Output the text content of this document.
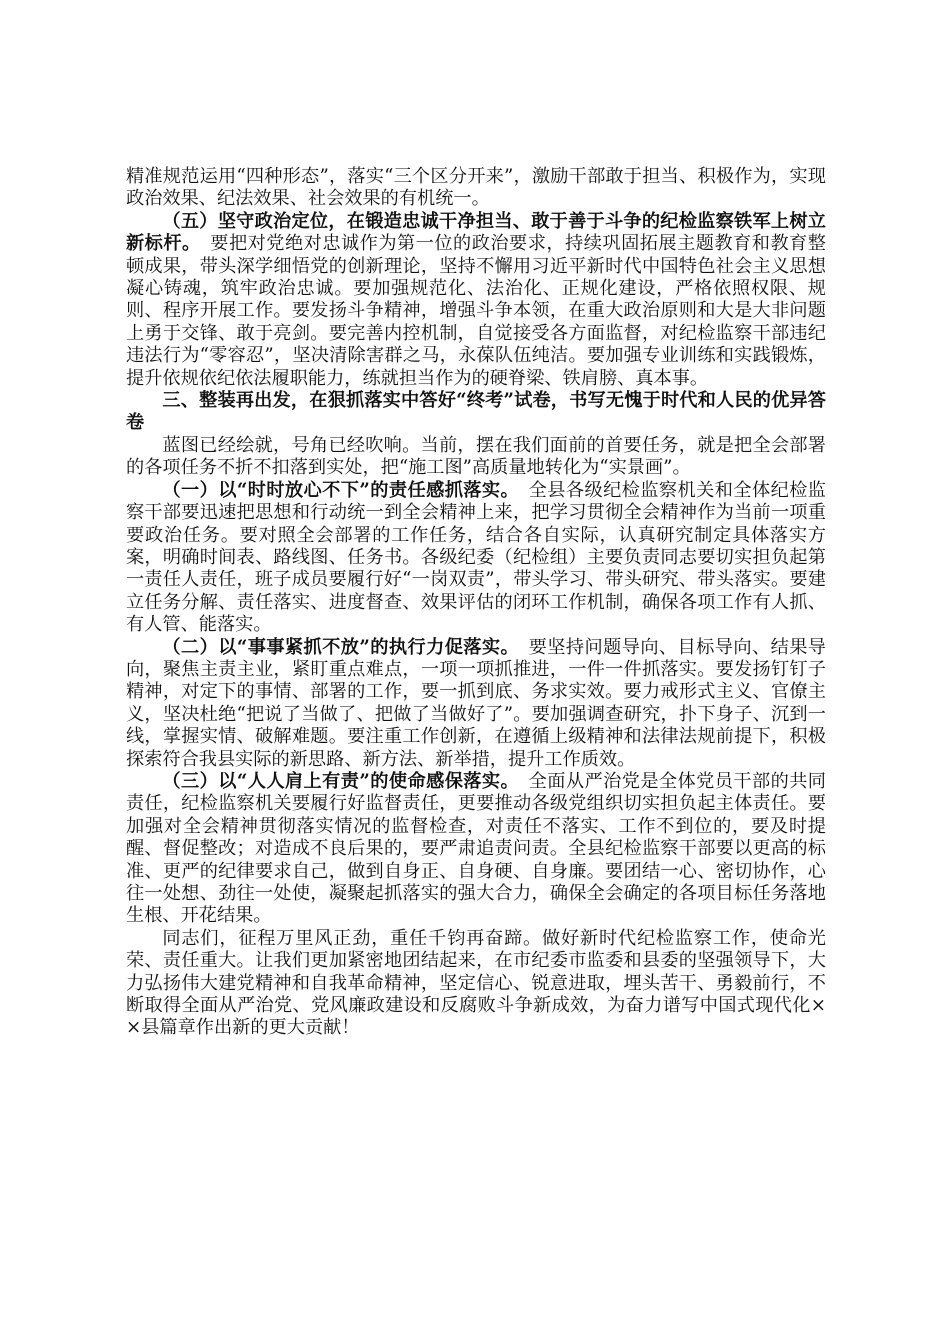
精准规范运用“四种形态”，落实“三个区分开来”，激励干部敢于担当、积极作为，实现政治效果、纪法效果、社会效果的有机统一。

（五）坚守政治定位，在锻造忠诚干净担当、敢于善于斗争的纪检监察铁军上树立新标杆。　 要把对党绝对忠诚作为第一位的政治要求，持续巩固拓展主题教育和教育整顿成果，带头深学细悟党的创新理论，坚持不懈用习近平新时代中国特色社会主义思想凝心铸魂，筑牢政治忠诚。要加强规范化、法治化、正规化建设，严格依照权限、规则、程序开展工作。要发扬斗争精神，增强斗争本领，在重大政治原则和大是大非问题上勇于交锋、敢于亮剑。要完善内控机制，自觉接受各方面监督，对纪检监察干部违纪违法行为“零容忍”，坚决清除害群之马，永葆队伍纯洁。要加强专业训练和实践锻炼，提升依规依纪依法履职能力，练就担当作为的硬脊梁、铁肩膀、真本事。

三、整装再出发，在狠抓落实中答好“终考”试卷，书写无愧于时代和人民的优异答卷

蓝图已经绘就，号角已经吹响。当前，摆在我们面前的首要任务，就是把全会部署的各项任务不折不扣落到实处，把“施工图”高质量地转化为“实景画”。

（一）以“时时放心不下”的责任感抓落实。　 全县各级纪检监察机关和全体纪检监察干部要迅速把思想和行动统一到全会精神上来，把学习贯彻全会精神作为当前一项重要政治任务。要对照全会部署的工作任务，结合各自实际，认真研究制定具体落实方案，明确时间表、路线图、任务书。各级纪委（纪检组）主要负责同志要切实担负起第一责任人责任，班子成员要履行好“一岗双责”，带头学习、带头研究、带头落实。要建立任务分解、责任落实、进度督查、效果评估的闭环工作机制，确保各项工作有人抓、有人管、能落实。

（二）以“事事紧抓不放”的执行力促落实。　 要坚持问题导向、目标导向、结果导向，聚焦主责主业，紧盯重点难点，一项一项抓推进，一件一件抓落实。要发扬钉钉子精神，对定下的事情、部署的工作，要一抓到底、务求实效。要力戒形式主义、官僚主义，坚决杜绝“把说了当做了、把做了当做好了”。要加强调查研究，扑下身子、沉到一线，掌握实情、破解难题。要注重工作创新，在遵循上级精神和法律法规前提下，积极探索符合我县实际的新思路、新方法、新举措，提升工作质效。

（三）以“人人肩上有责”的使命感保落实。　 全面从严治党是全体党员干部的共同责任，纪检监察机关要履行好监督责任，更要推动各级党组织切实担负起主体责任。要加强对全会精神贯彻落实情况的监督检查，对责任不落实、工作不到位的，要及时提醒、督促整改；对造成不良后果的，要严肃追责问责。全县纪检监察干部要以更高的标准、更严的纪律要求自己，做到自身正、自身硬、自身廉。要团结一心、密切协作，心往一处想、劲往一处使，凝聚起抓落实的强大合力，确保全会确定的各项目标任务落地生根、开花结果。

同志们，征程万里风正劲，重任千钧再奋蹄。做好新时代纪检监察工作，使命光荣、责任重大。让我们更加紧密地团结起来，在市纪委市监委和县委的坚强领导下，大力弘扬伟大建党精神和自我革命精神，坚定信心、锐意进取，埋头苦干、勇毅前行，不断取得全面从严治党、党风廉政建设和反腐败斗争新成效，为奋力谱写中国式现代化××县篇章作出新的更大贡献！
